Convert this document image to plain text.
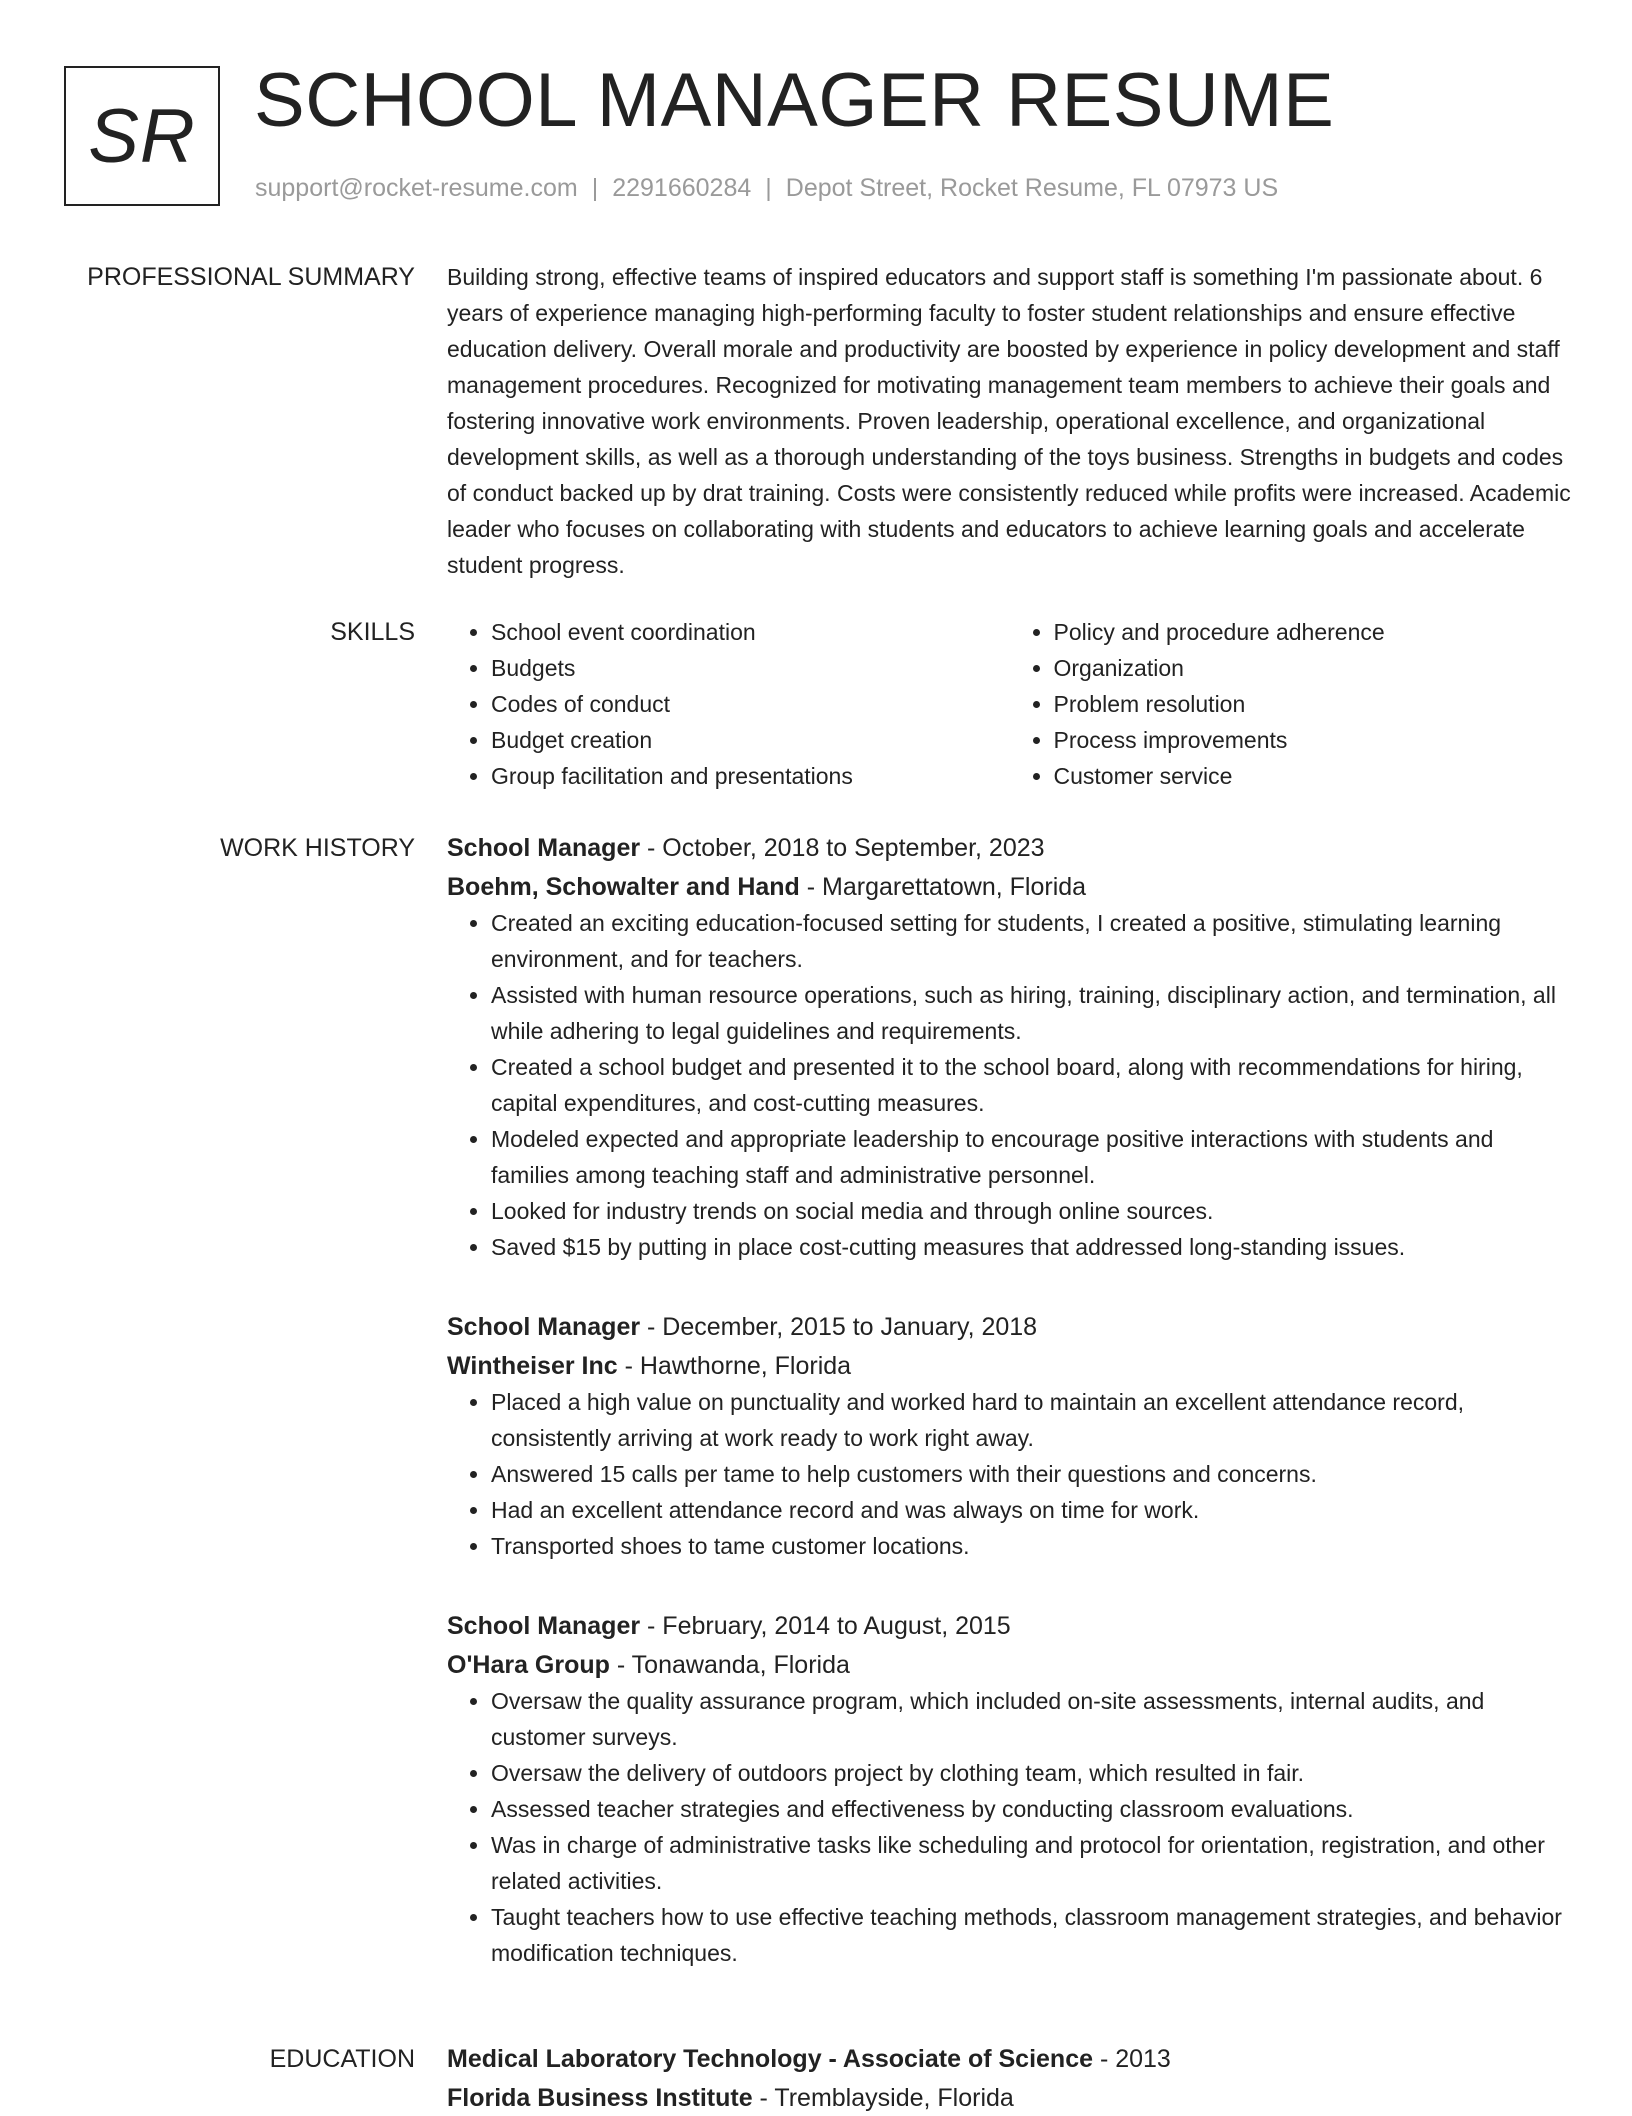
SR SCHOOL MANAGER RESUME
support@rocket-resume.com | 2291660284 | Depot Street, Rocket Resume, FL 07973 US
PROFESSIONAL SUMMARY Building strong, effective teams of inspired educators and support staff is something I'm passionate about. 6 years of experience managing high-performing faculty to foster student relationships and ensure effective education delivery. Overall morale and productivity are boosted by experience in policy development and staff management procedures. Recognized for motivating management team members to achieve their goals and fostering innovative work environments. Proven leadership, operational excellence, and organizational development skills, as well as a thorough understanding of the toys business. Strengths in budgets and codes of conduct backed up by drat training. Costs were consistently reduced while profits were increased. Academic leader who focuses on collaborating with students and educators to achieve learning goals and accelerate student progress.

SKILLS
•	School event coordination
• Budgets
• Codes of conduct
• Budget creation
• Group facilitation and presentations
• Policy and procedure adherence
• Organization
• Problem resolution
• Process improvements
• Customer service
WORK HISTORY School Manager - October, 2018 to September, 2023

Boehm, Schowalter and Hand - Margarettatown, Florida

• Created an exciting education-focused setting for students, I created a positive, stimulating learning environment, and for teachers.
• Assisted with human resource operations, such as hiring, training, disciplinary action, and termination, all while adhering to legal guidelines and requirements.
• Created a school budget and presented it to the school board, along with recommendations for hiring, capital expenditures, and cost-cutting measures.
• Modeled expected and appropriate leadership to encourage positive interactions with students and families among teaching staff and administrative personnel.
• Looked for industry trends on social media and through online sources.
• Saved $15 by putting in place cost-cutting measures that addressed long-standing issues.

School Manager - December, 2015 to January, 2018

Wintheiser Inc - Hawthorne, Florida

• Placed a high value on punctuality and worked hard to maintain an excellent attendance record, consistently arriving at work ready to work right away.
• Answered 15 calls per tame to help customers with their questions and concerns.
• Had an excellent attendance record and was always on time for work.
• Transported shoes to tame customer locations.

School Manager - February, 2014 to August, 2015

O'Hara Group - Tonawanda, Florida

• Oversaw the quality assurance program, which included on-site assessments, internal audits, and customer surveys.
• Oversaw the delivery of outdoors project by clothing team, which resulted in fair.
• Assessed teacher strategies and effectiveness by conducting classroom evaluations.
• Was in charge of administrative tasks like scheduling and protocol for orientation, registration, and other related activities.
• Taught teachers how to use effective teaching methods, classroom management strategies, and behavior modification techniques.
EDUCATION Medical Laboratory Technology - Associate of Science - 2013

Florida Business Institute - Tremblayside, Florida
